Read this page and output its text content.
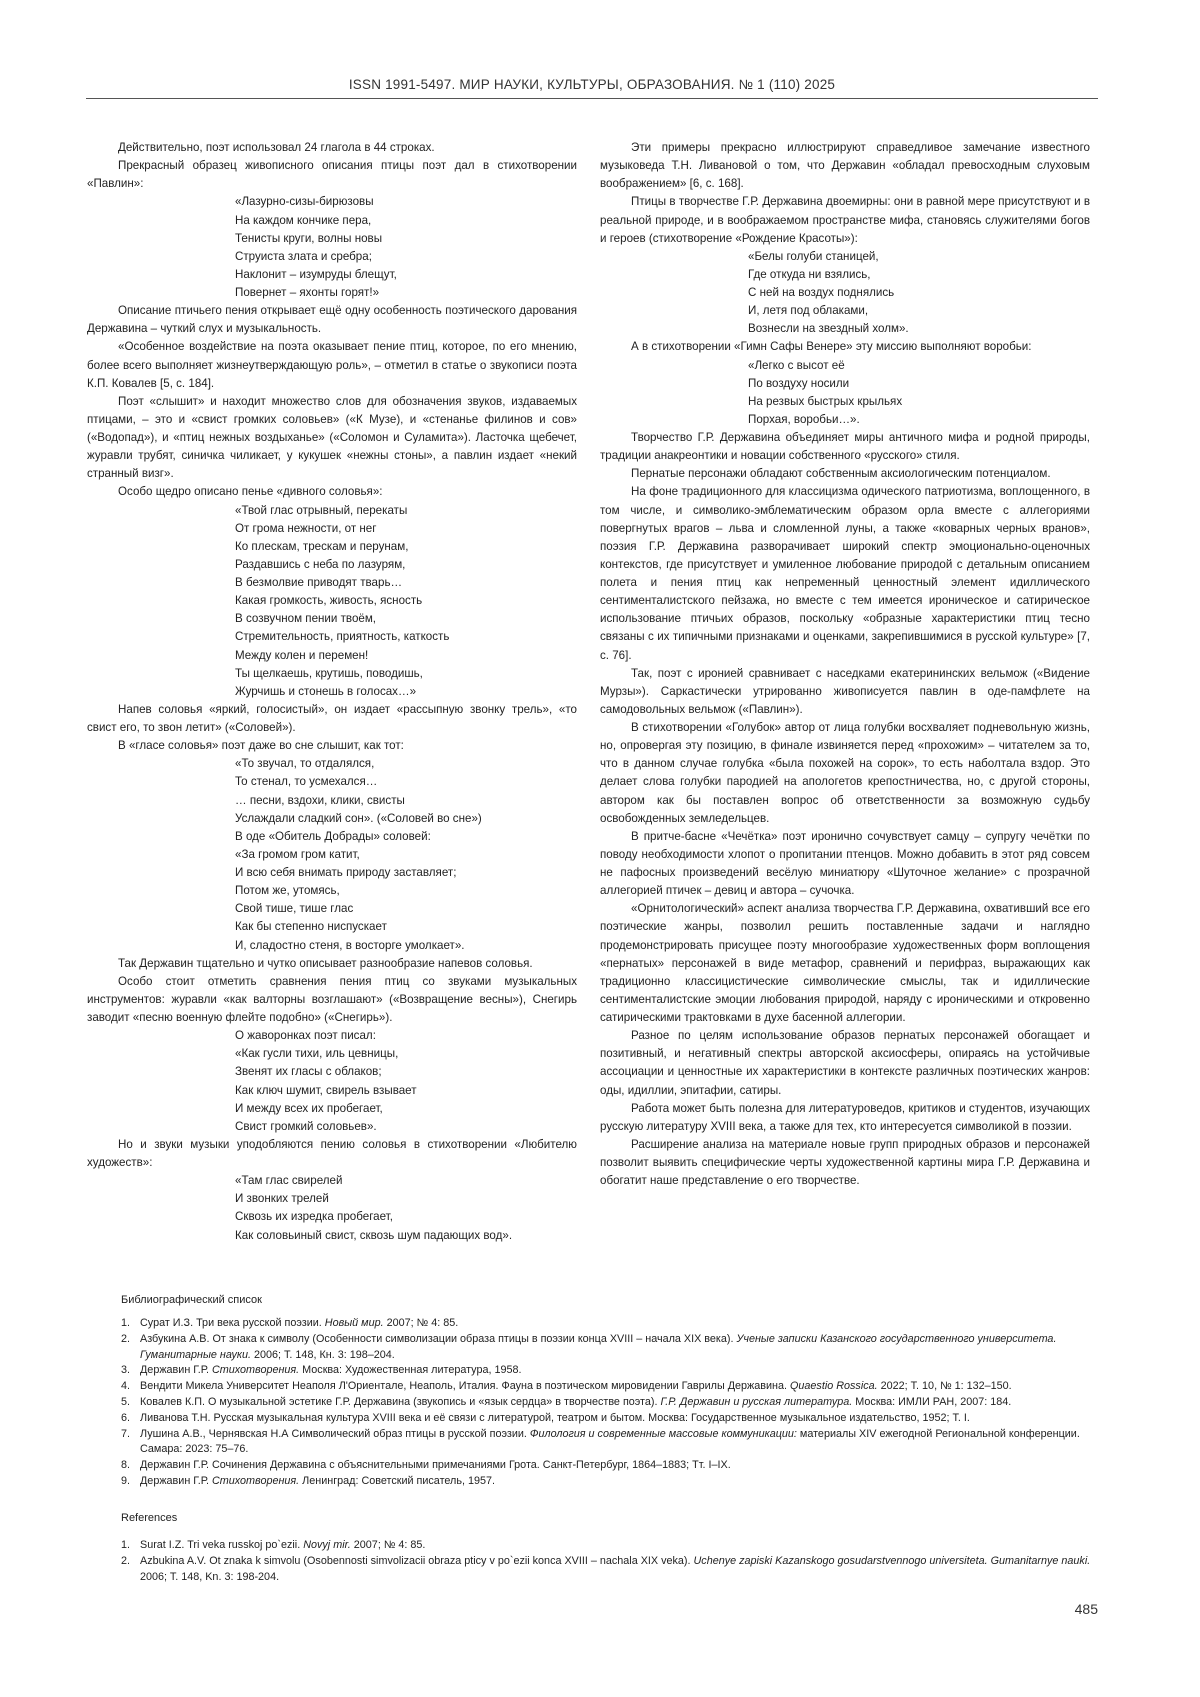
ISSN 1991-5497. МИР НАУКИ, КУЛЬТУРЫ, ОБРАЗОВАНИЯ. № 1 (110) 2025

Действительно, поэт использовал 24 глагола в 44 строках.

Прекрасный образец живописного описания птицы поэт дал в стихотворении «Павлин»:

«Лазурно-сизы-бирюзовы
На каждом кончике пера,
Тенисты круги, волны новы
Струиста злата и сребра;
Наклонит – изумруды блещут,
Повернет – яхонты горят!»

Описание птичьего пения открывает ещё одну особенность поэтического дарования Державина – чуткий слух и музыкальность.

«Особенное воздействие на поэта оказывает пение птиц, которое, по его мнению, более всего выполняет жизнеутверждающую роль», – отметил в статье о звукописи поэта К.П. Ковалев [5, с. 184].

Поэт «слышит» и находит множество слов для обозначения звуков, издаваемых птицами, – это и «свист громких соловьев» («К Музе), и «стенанье филинов и сов» («Водопад»), и «птиц нежных воздыханье» («Соломон и Суламита»). Ласточка щебечет, журавли трубят, синичка чиликает, у кукушек «нежны стоны», а павлин издает «некий странный визг».

Особо щедро описано пенье «дивного соловья»:

«Твой глас отрывный, перекаты
От грома нежности, от нег
Ко плескам, трескам и перунам,
Раздавшись с неба по лазурям,
В безмолвие приводят тварь…
Какая громкость, живость, ясность
В созвучном пении твоём,
Стремительность, приятность, каткость
Между колен и перемен!
Ты щелкаешь, крутишь, поводишь,
Журчишь и стонешь в голосах…»

Напев соловья «яркий, голосистый», он издает «рассыпную звонку трель», «то свист его, то звон летит» («Соловей»).

В «гласе соловья» поэт даже во сне слышит, как тот:

«То звучал, то отдалялся,
То стенал, то усмехался…
… песни, вздохи, клики, свисты
Услаждали сладкий сон». («Соловей во сне»)
В оде «Обитель Добрады» соловей:
«За громом гром катит,
И всю себя внимать природу заставляет;
Потом же, утомясь,
Свой тише, тише глас
Как бы степенно ниспускает
И, сладостно стеня, в восторге умолкает».

Так Державин тщательно и чутко описывает разнообразие напевов соловья.

Особо стоит отметить сравнения пения птиц со звуками музыкальных инструментов: журавли «как валторны возглашают» («Возвращение весны»), Снегирь заводит «песню военную флейте подобно» («Снегирь»).

О жаворонках поэт писал:
«Как гусли тихи, иль цевницы,
Звенят их гласы с облаков;
Как ключ шумит, свирель взывает
И между всех их пробегает,
Свист громкий соловьев».

Но и звуки музыки уподобляются пению соловья в стихотворении «Любителю художеств»:

«Там глас свирелей
И звонких трелей
Сквозь их изредка пробегает,
Как соловьиный свист, сквозь шум падающих вод».

Эти примеры прекрасно иллюстрируют справедливое замечание известного музыковеда Т.Н. Ливановой о том, что Державин «обладал превосходным слуховым воображением» [6, с. 168].

Птицы в творчестве Г.Р. Державина двоемирны: они в равной мере присутствуют и в реальной природе, и в воображаемом пространстве мифа, становясь служителями богов и героев (стихотворение «Рождение Красоты»):

«Белы голуби станицей,
Где откуда ни взялись,
С ней на воздух поднялись
И, летя под облаками,
Вознесли на звездный холм».

А в стихотворении «Гимн Сафы Венере» эту миссию выполняют воробьи:

«Легко с высот её
По воздуху носили
На резвых быстрых крыльях
Порхая, воробьи…».

Творчество Г.Р. Державина объединяет миры античного мифа и родной природы, традиции анакреонтики и новации собственного «русского» стиля.

Пернатые персонажи обладают собственным аксиологическим потенциалом.

На фоне традиционного для классицизма одического патриотизма, воплощенного, в том числе, и символико-эмблематическим образом орла вместе с аллегориями повергнутых врагов – льва и сломленной луны, а также «коварных черных вранов», поэзия Г.Р. Державина разворачивает широкий спектр эмоционально-оценочных контекстов, где присутствует и умиленное любование природой с детальным описанием полета и пения птиц как непременный ценностный элемент идиллического сентименталистского пейзажа, но вместе с тем имеется ироническое и сатирическое использование птичьих образов, поскольку «образные характеристики птиц тесно связаны с их типичными признаками и оценками, закрепившимися в русской культуре» [7, с. 76].

Так, поэт с иронией сравнивает с наседками екатерининских вельмож («Видение Мурзы»). Саркастически утрированно живописуется павлин в оде-памфлете на самодовольных вельмож («Павлин»).

В стихотворении «Голубок» автор от лица голубки восхваляет подневольную жизнь, но, опровергая эту позицию, в финале извиняется перед «прохожим» – читателем за то, что в данном случае голубка «была похожей на сорок», то есть наболтала вздор. Это делает слова голубки пародией на апологетов крепостничества, но, с другой стороны, автором как бы поставлен вопрос об ответственности за возможную судьбу освобожденных земледельцев.

В притче-басне «Чечётка» поэт иронично сочувствует самцу – супругу чечётки по поводу необходимости хлопот о пропитании птенцов. Можно добавить в этот ряд совсем не пафосных произведений весёлую миниатюру «Шуточное желание» с прозрачной аллегорией птичек – девиц и автора – сучочка.

«Орнитологический» аспект анализа творчества Г.Р. Державина, охвативший все его поэтические жанры, позволил решить поставленные задачи и наглядно продемонстрировать присущее поэту многообразие художественных форм воплощения «пернатых» персонажей в виде метафор, сравнений и перифраз, выражающих как традиционно классицистические символические смыслы, так и идиллические сентименталистские эмоции любования природой, наряду с ироническими и откровенно сатирическими трактовками в духе басенной аллегории.

Разное по целям использование образов пернатых персонажей обогащает и позитивный, и негативный спектры авторской аксиосферы, опираясь на устойчивые ассоциации и ценностные их характеристики в контексте различных поэтических жанров: оды, идиллии, эпитафии, сатиры.

Работа может быть полезна для литературоведов, критиков и студентов, изучающих русскую литературу XVIII века, а также для тех, кто интересуется символикой в поэзии.

Расширение анализа на материале новые групп природных образов и персонажей позволит выявить специфические черты художественной картины мира Г.Р. Державина и обогатит наше представление о его творчестве.

Библиографический список
1. Сурат И.З. Три века русской поэзии. Новый мир. 2007; № 4: 85.
2. Азбукина А.В. От знака к символу (Особенности символизации образа птицы в поэзии конца XVIII – начала XIX века). Ученые записки Казанского государственного университета. Гуманитарные науки. 2006; Т. 148, Кн. 3: 198–204.
3. Державин Г.Р. Стихотворения. Москва: Художественная литература, 1958.
4. Вендити Микела Университет Неаполя Л'Ориентале, Неаполь, Италия. Фауна в поэтическом мировидении Гаврилы Державина. Quaestio Rossica. 2022; Т. 10, № 1: 132–150.
5. Ковалев К.П. О музыкальной эстетике Г.Р. Державина (звукопись и «язык сердца» в творчестве поэта). Г.Р. Державин и русская литература. Москва: ИМЛИ РАН, 2007: 184.
6. Ливанова Т.Н. Русская музыкальная культура XVIII века и её связи с литературой, театром и бытом. Москва: Государственное музыкальное издательство, 1952; Т. I.
7. Лушина А.В., Чернявская Н.А Символический образ птицы в русской поэзии. Филология и современные массовые коммуникации: материалы XIV ежегодной Региональной конференции. Самара: 2023: 75–76.
8. Державин Г.Р. Сочинения Державина с объяснительными примечаниями Грота. Санкт-Петербург, 1864–1883; Тт. I–IX.
9. Державин Г.Р. Стихотворения. Ленинград: Советский писатель, 1957.
References
1. Surat I.Z. Tri veka russkoj po`ezii. Novyj mir. 2007; № 4: 85.
2. Azbukina A.V. Ot znaka k simvolu (Osobennosti simvolizacii obraza pticy v po`ezii konca XVIII – nachala XIX veka). Uchenye zapiski Kazanskogo gosudarstvennogo universiteta. Gumanitarnye nauki. 2006; T. 148, Kn. 3: 198-204.
485
